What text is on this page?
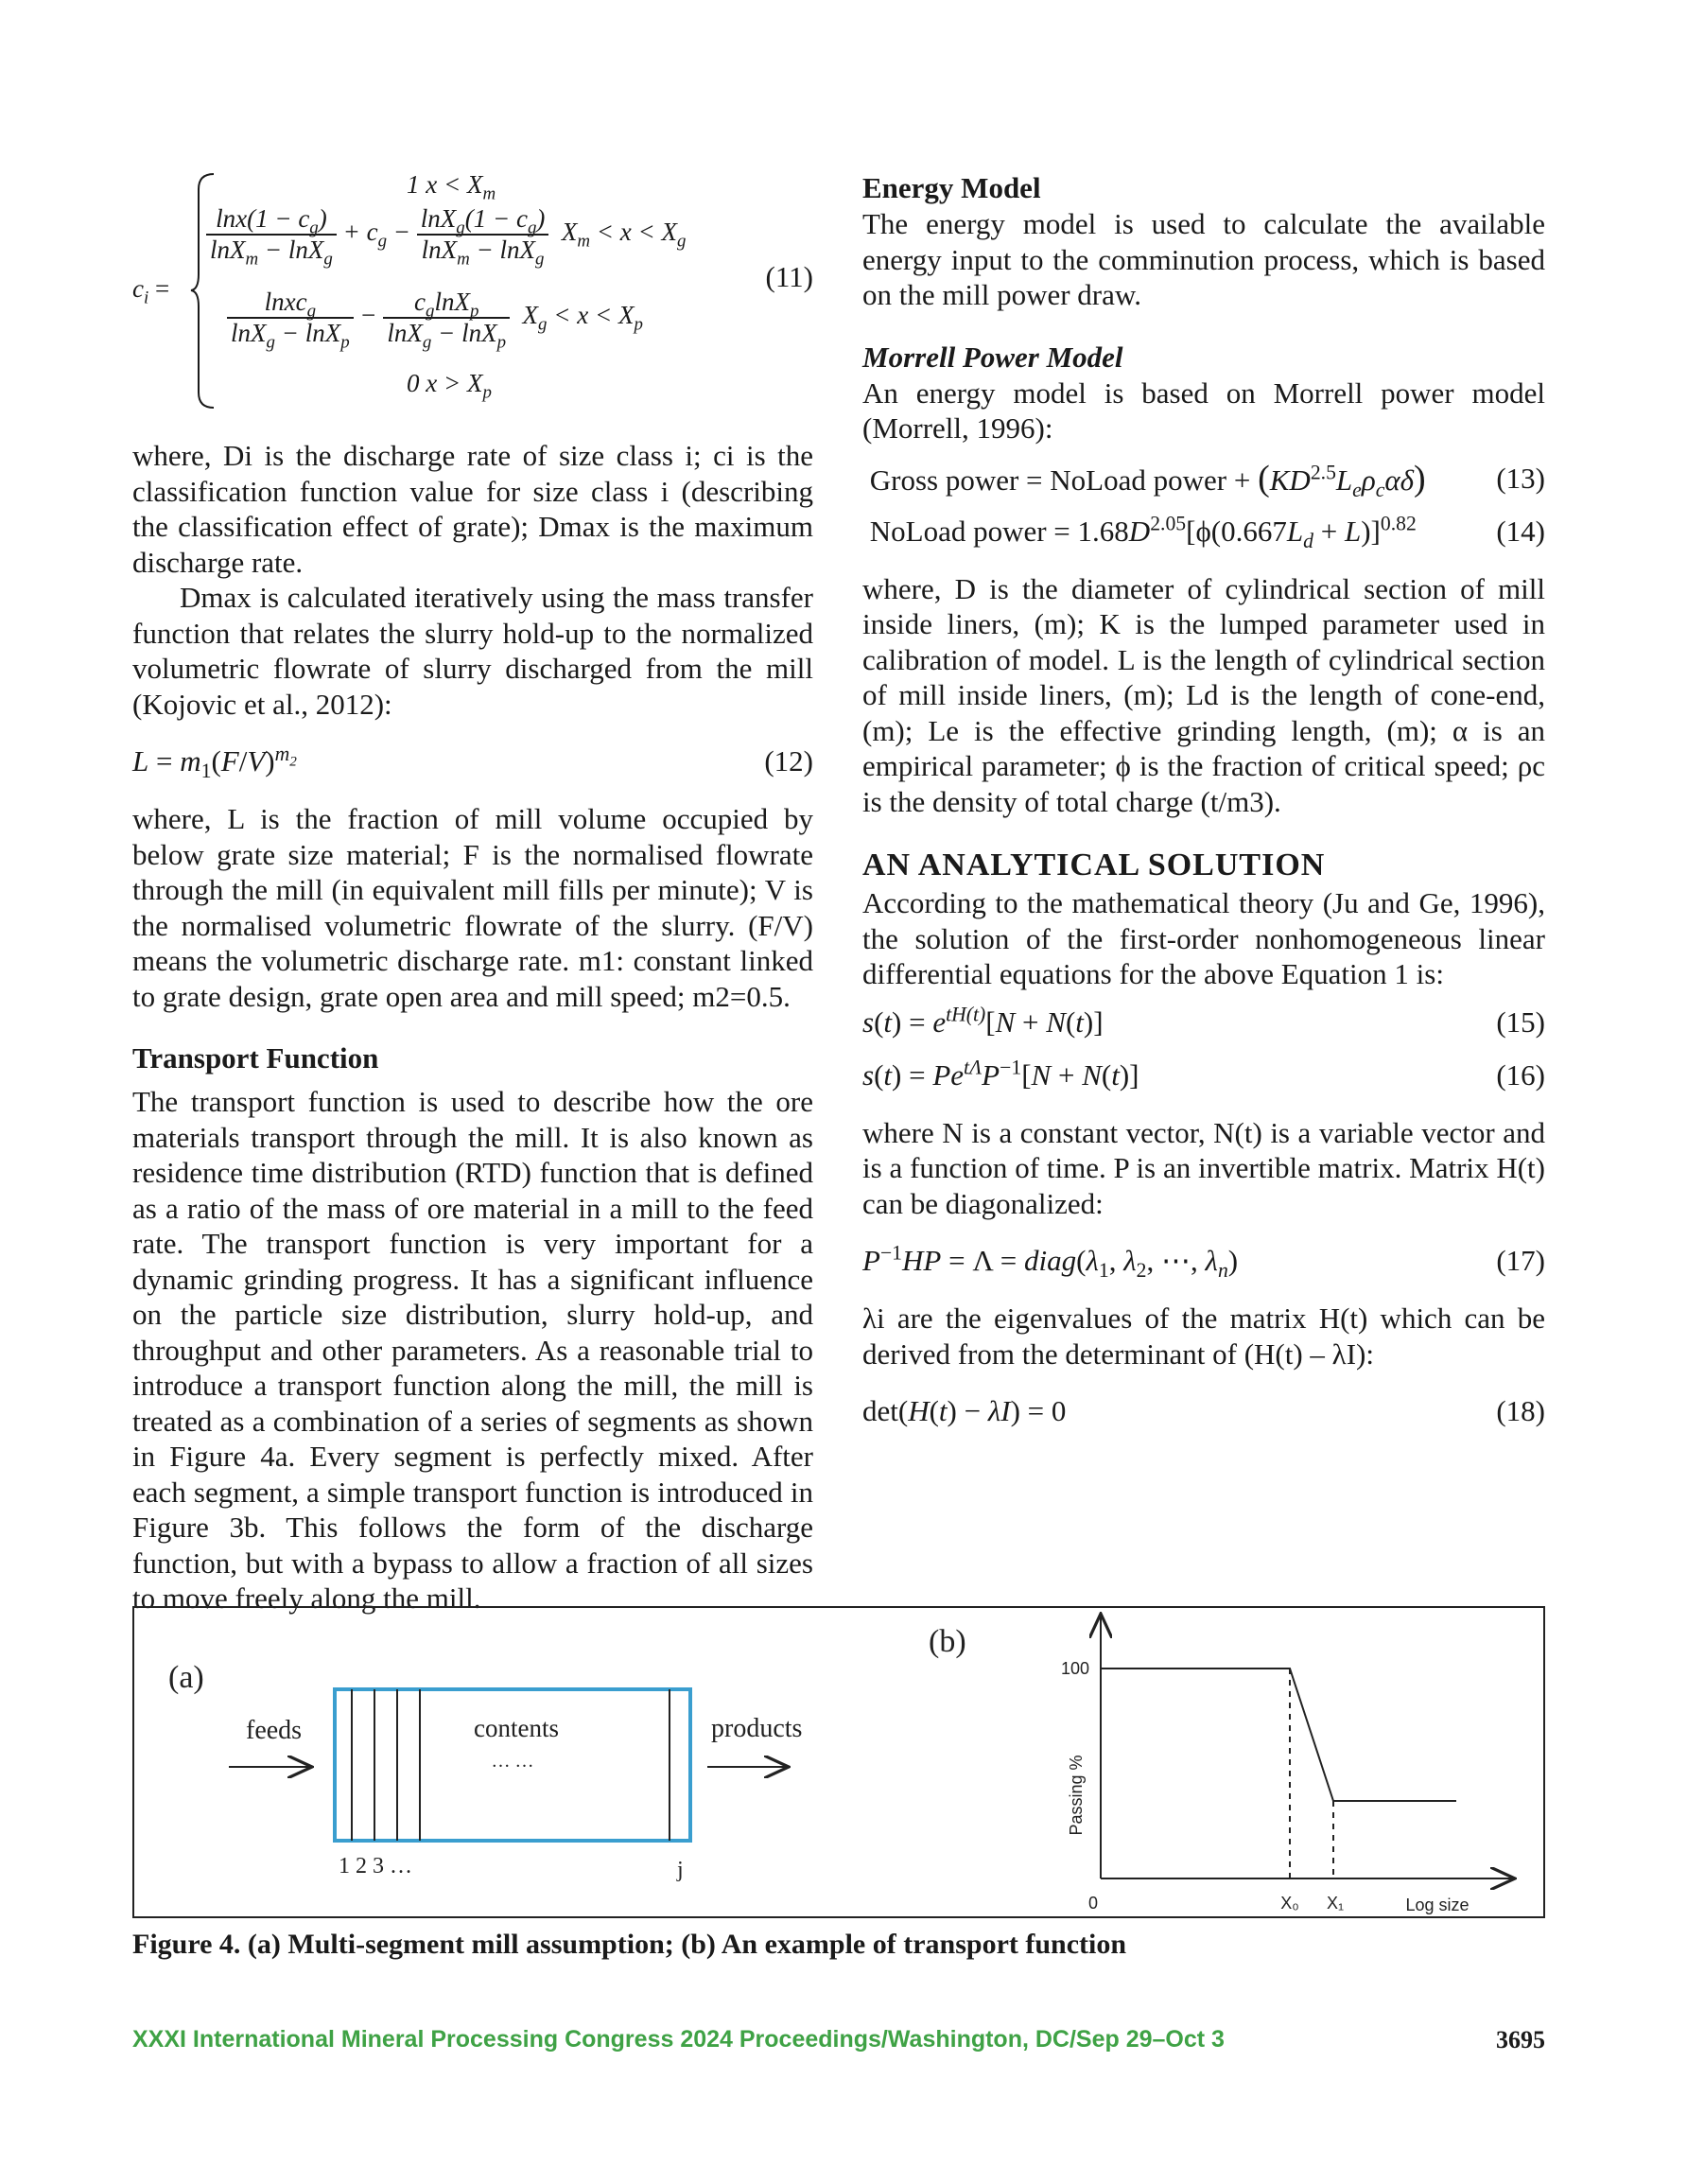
$c_i$ =
1 $x < X_m$
$\frac{\ln x(1 - c_g)}{\ln X_m - \ln X_g} + c_g - \frac{\ln X_g(1 - c_g)}{\ln X_m - \ln X_g} X_m < x < X_g$
$\frac{lnxc_g}{\ln X_g - \ln X_p} - \frac{c_g\ln X_p}{\ln X_g - \ln X_p} X_g < x < X_p$
0 $x > X_p$
(11)

where, Di is the discharge rate of size class i; ci is the classification function value for size class i (describing the classification effect of grate); Dmax is the maximum discharge rate.

Dmax is calculated iteratively using the mass transfer function that relates the slurry hold-up to the normalized volumetric flowrate of slurry discharged from the mill (Kojovic et al., 2012):

$L = m_1(F/V)^{m_2}$	(12)

where, L is the fraction of mill volume occupied by below grate size material; F is the normalised flowrate through the mill (in equivalent mill fills per minute); V is the normalised volumetric flowrate of the slurry. (F/V) means the volumetric discharge rate. m1: constant linked to grate design, grate open area and mill speed; m2=0.5.

Transport Function

The transport function is used to describe how the ore materials transport through the mill. It is also known as residence time distribution (RTD) function that is defined as a ratio of the mass of ore material in a mill to the feed rate. The transport function is very important for a dynamic grinding progress. It has a significant influence on the particle size distribution, slurry hold-up, and throughput and other parameters. As a reasonable trial to introduce a transport function along the mill, the mill is treated as a combination of a series of segments as shown in Figure 4a. Every segment is perfectly mixed. After each segment, a simple transport function is introduced in Figure 3b. This follows the form of the discharge function, but with a bypass to allow a fraction of all sizes to move freely along the mill.

Energy Model

The energy model is used to calculate the available energy input to the comminution process, which is based on the mill power draw.

Morrell Power Model

An energy model is based on Morrell power model (Morrell, 1996):

Gross power = NoLoad power + $(KD^{2.5}L_e\rho_c\alpha\delta)$ (13)
NoLoad power = $1.68D^{2.05}[\phi(0.667L_d + L)]^{0.82}$	(14)

where, D is the diameter of cylindrical section of mill inside liners, (m); K is the lumped parameter used in calibration of model. L is the length of cylindrical section of mill inside liners, (m); Ld is the length of cone-end, (m); Le is the effective grinding length, (m); α is an empirical parameter; ϕ is the fraction of critical speed; ρc is the density of total charge (t/m3).

AN ANALYTICAL SOLUTION

According to the mathematical theory (Ju and Ge, 1996), the solution of the first-order nonhomogeneous linear differential equations for the above Equation 1 is:

$s(t) = e^{tH(t)}[N + N(t)]$	(15)
$s(t) = Pe^{t\Lambda}P^{-1}[N + N(t)]$	(16)

where N is a constant vector, N(t) is a variable vector and is a function of time. P is an invertible matrix. Matrix H(t) can be diagonalized:

$P^{-1}HP = \Lambda$ = $diag(\lambda_1$, $\lambda_2$, ⋯, $\lambda_n$)	(17)

λi are the eigenvalues of the matrix H(t) which can be derived from the determinant of (H(t) – λI):

det(H(t) − λI) = 0	(18)
(a)
feeds	contents
… …
products
1 2 3 …	j
(b)
100
Passing %
0	X₀ X₁	Log size
Figure 4. (a) Multi-segment mill assumption; (b) An example of transport function
XXXI International Mineral Processing Congress 2024 Proceedings/Washington, DC/Sep 29–Oct 3	3695
